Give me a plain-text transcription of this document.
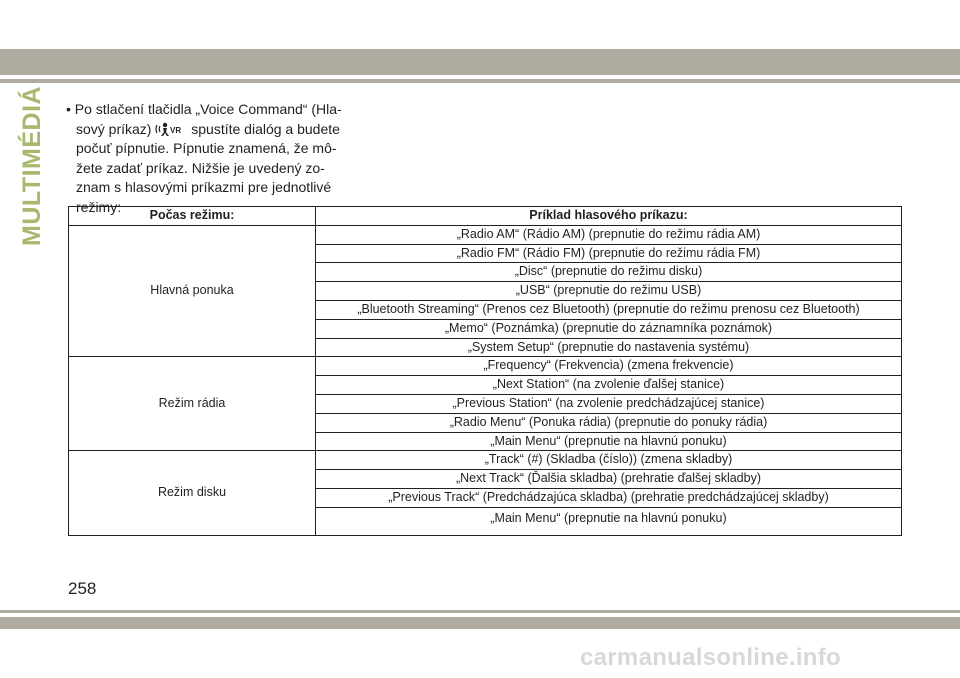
MULTIMÉDIÁ • Po stlačení tlačidla „Voice Command“ (Hla-
sový príkaz) VR spustíte dialóg a budete
počuť pípnutie. Pípnutie znamená, že mô-
žete zadať príkaz. Nižšie je uvedený zo-
znam s hlasovými príkazmi pre jednotlivé
režimy:
Počas režimu:	Príklad hlasového príkazu:
Hlavná ponuka	„Radio AM“ (Rádio AM) (prepnutie do režimu rádia AM)
	„Radio FM“ (Rádio FM) (prepnutie do režimu rádia FM)
	„Disc“ (prepnutie do režimu disku)
	„USB“ (prepnutie do režimu USB)
	„Bluetooth Streaming“ (Prenos cez Bluetooth) (prepnutie do režimu prenosu cez Bluetooth)
	„Memo“ (Poznámka) (prepnutie do záznamníka poznámok)
	„System Setup“ (prepnutie do nastavenia systému)
Režim rádia	„Frequency“ (Frekvencia) (zmena frekvencie)
	„Next Station“ (na zvolenie ďalšej stanice)
	„Previous Station“ (na zvolenie predchádzajúcej stanice)
	„Radio Menu“ (Ponuka rádia) (prepnutie do ponuky rádia)
	„Main Menu“ (prepnutie na hlavnú ponuku)
Režim disku	„Track“ (#) (Skladba (číslo)) (zmena skladby)
	„Next Track“ (Ďalšia skladba) (prehratie ďalšej skladby)
	„Previous Track“ (Predchádzajúca skladba) (prehratie predchádzajúcej skladby)
	„Main Menu“ (prepnutie na hlavnú ponuku)
258
carmanualsonline.info
